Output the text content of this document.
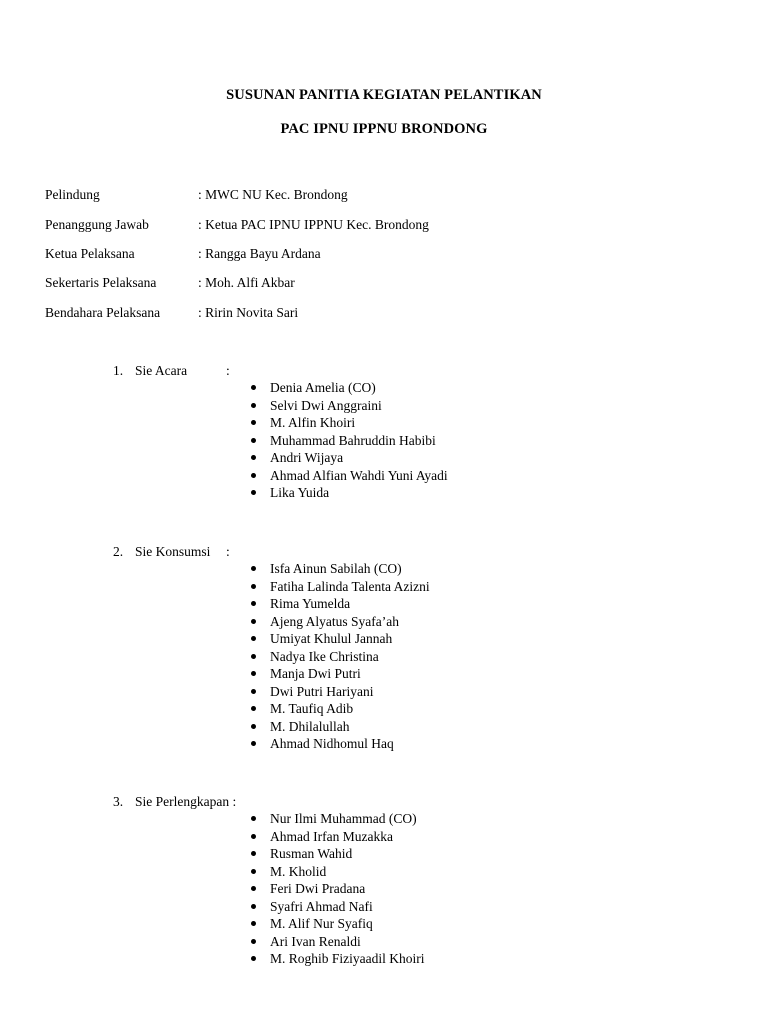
SUSUNAN PANITIA KEGIATAN PELANTIKAN
PAC IPNU IPPNU BRONDONG
Pelindung	: MWC NU Kec. Brondong
Penanggung Jawab	: Ketua PAC IPNU IPPNU Kec. Brondong
Ketua Pelaksana	: Rangga Bayu Ardana
Sekertaris Pelaksana	: Moh. Alfi Akbar
Bendahara Pelaksana	: Ririn Novita Sari
1. Sie Acara	:
Denia Amelia (CO)
Selvi Dwi Anggraini
M. Alfin Khoiri
Muhammad Bahruddin Habibi
Andri Wijaya
Ahmad Alfian Wahdi Yuni Ayadi
Lika Yuida
2. Sie Konsumsi :
Isfa Ainun Sabilah (CO)
Fatiha Lalinda Talenta Azizni
Rima Yumelda
Ajeng Alyatus Syafa’ah
Umiyat Khulul Jannah
Nadya Ike Christina
Manja Dwi Putri
Dwi Putri Hariyani
M. Taufiq Adib
M. Dhilalullah
Ahmad Nidhomul Haq
3. Sie Perlengkapan :
Nur Ilmi Muhammad (CO)
Ahmad Irfan Muzakka
Rusman Wahid
M. Kholid
Feri Dwi Pradana
Syafri Ahmad Nafi
M. Alif Nur Syafiq
Ari Ivan Renaldi
M. Roghib Fiziyaadil Khoiri
